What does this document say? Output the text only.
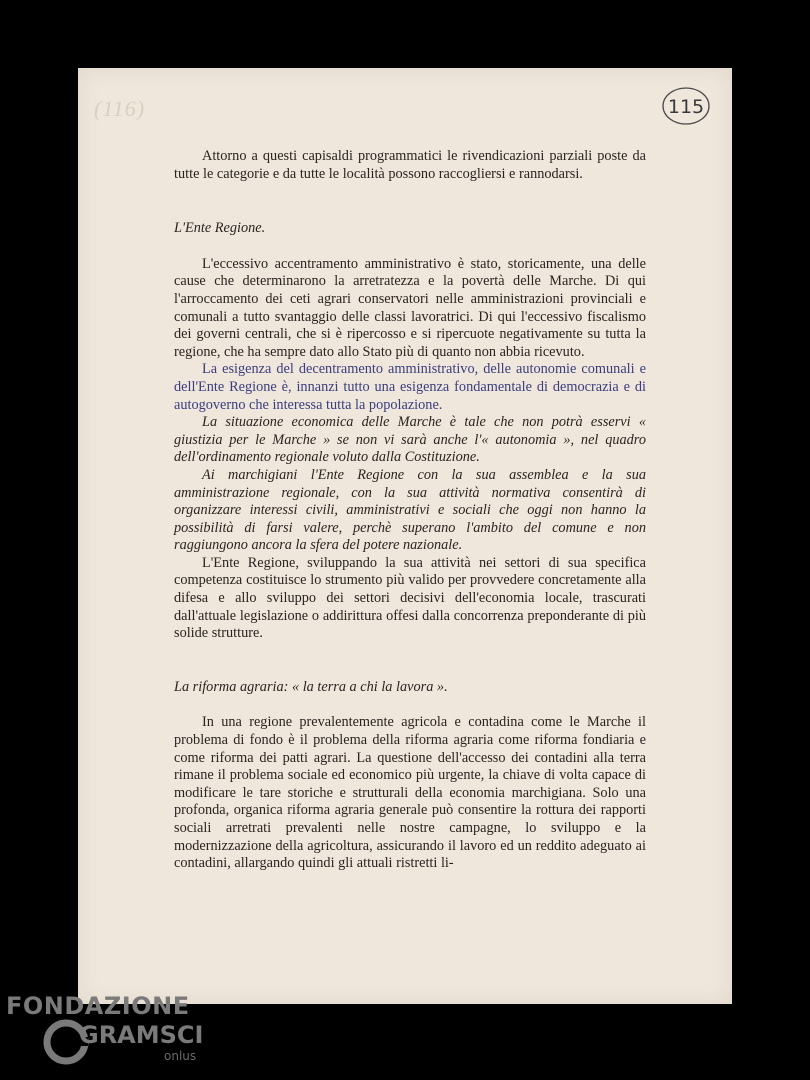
(116)	115

Attorno a questi capisaldi programmatici le rivendicazioni parziali poste da tutte le categorie e da tutte le località possono raccogliersi e rannodarsi.

L'Ente Regione.

L'eccessivo accentramento amministrativo è stato, storicamente, una delle cause che determinarono la arretratezza e la povertà delle Marche. Di qui l'arroccamento dei ceti agrari conservatori nelle amministrazioni provinciali e comunali a tutto svantaggio delle classi lavoratrici. Di qui l'eccessivo fiscalismo dei governi centrali, che si è ripercosso e si ripercuote negativamente su tutta la regione, che ha sempre dato allo Stato più di quanto non abbia ricevuto.

La esigenza del decentramento amministrativo, delle autonomie comunali e dell'Ente Regione è, innanzi tutto una esigenza fondamentale di democrazia e di autogoverno che interessa tutta la popolazione.

La situazione economica delle Marche è tale che non potrà esservi « giustizia per le Marche » se non vi sarà anche l'« autonomia », nel quadro dell'ordinamento regionale voluto dalla Costituzione.

Ai marchigiani l'Ente Regione con la sua assemblea e la sua amministrazione regionale, con la sua attività normativa consentirà di organizzare interessi civili, amministrativi e sociali che oggi non hanno la possibilità di farsi valere, perchè superano l'ambito del comune e non raggiungono ancora la sfera del potere nazionale.

L'Ente Regione, sviluppando la sua attività nei settori di sua specifica competenza costituisce lo strumento più valido per provvedere concretamente alla difesa e allo sviluppo dei settori decisivi dell'economia locale, trascurati dall'attuale legislazione o addirittura offesi dalla concorrenza preponderante di più solide strutture.

La riforma agraria: « la terra a chi la lavora ».

In una regione prevalentemente agricola e contadina come le Marche il problema di fondo è il problema della riforma agraria come riforma fondiaria e come riforma dei patti agrari. La questione dell'accesso dei contadini alla terra rimane il problema sociale ed economico più urgente, la chiave di volta capace di modificare le tare storiche e strutturali della economia marchigiana. Solo una profonda, organica riforma agraria generale può consentire la rottura dei rapporti sociali arretrati prevalenti nelle nostre campagne, lo sviluppo e la modernizzazione della agricoltura, assicurando il lavoro ed un reddito adeguato ai contadini, allargando quindi gli attuali ristretti li-

FONDAZIONE
GRAMSCI
onlus
